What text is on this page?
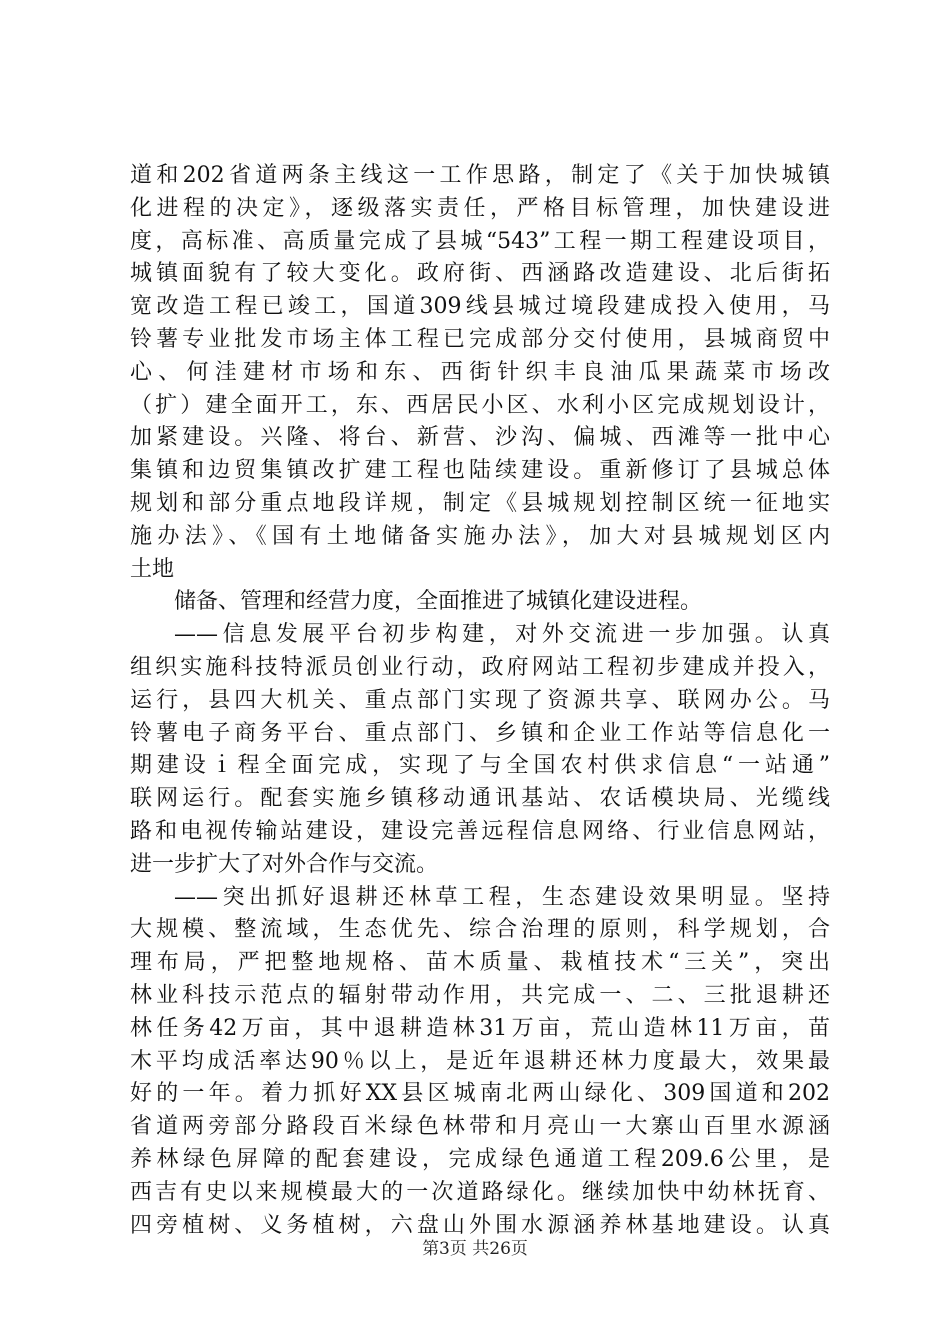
道和202省道两条主线这一工作思路，制定了《关于加快城镇
化进程的决定》，逐级落实责任，严格目标管理，加快建设进
度，高标准、高质量完成了县城“543”工程一期工程建设项目，
城镇面貌有了较大变化。政府街、西涵路改造建设、北后街拓
宽改造工程已竣工，国道309线县城过境段建成投入使用，马
铃薯专业批发市场主体工程已完成部分交付使用，县城商贸中
心、何洼建材市场和东、西街针织丰良油瓜果蔬菜市场改
（扩）建全面开工，东、西居民小区、水利小区完成规划设计，
加紧建设。兴隆、将台、新营、沙沟、偏城、西滩等一批中心
集镇和边贸集镇改扩建工程也陆续建设。重新修订了县城总体
规划和部分重点地段详规，制定《县城规划控制区统一征地实
施办法》、《国有土地储备实施办法》，加大对县城规划区内
土地
储备、管理和经营力度，全面推进了城镇化建设进程。
——信息发展平台初步构建，对外交流进一步加强。认真
组织实施科技特派员创业行动，政府网站工程初步建成并投入，
运行，县四大机关、重点部门实现了资源共享、联网办公。马
铃薯电子商务平台、重点部门、乡镇和企业工作站等信息化一
期建设ｉ程全面完成，实现了与全国农村供求信息“一站通”
联网运行。配套实施乡镇移动通讯基站、农话模块局、光缆线
路和电视传输站建设，建设完善远程信息网络、行业信息网站，
进一步扩大了对外合作与交流。
——突出抓好退耕还林草工程，生态建设效果明显。坚持
大规模、整流域，生态优先、综合治理的原则，科学规划，合
理布局，严把整地规格、苗木质量、栽植技术“三关”，突出
林业科技示范点的辐射带动作用，共完成一、二、三批退耕还
林任务42万亩，其中退耕造林31万亩，荒山造林11万亩，苗
木平均成活率达90％以上，是近年退耕还林力度最大，效果最
好的一年。着力抓好XX县区城南北两山绿化、309国道和202
省道两旁部分路段百米绿色林带和月亮山一大寨山百里水源涵
养林绿色屏障的配套建设，完成绿色通道工程209.6公里，是
西吉有史以来规模最大的一次道路绿化。继续加快中幼林抚育、
四旁植树、义务植树，六盘山外围水源涵养林基地建设。认真
第3页 共26页
